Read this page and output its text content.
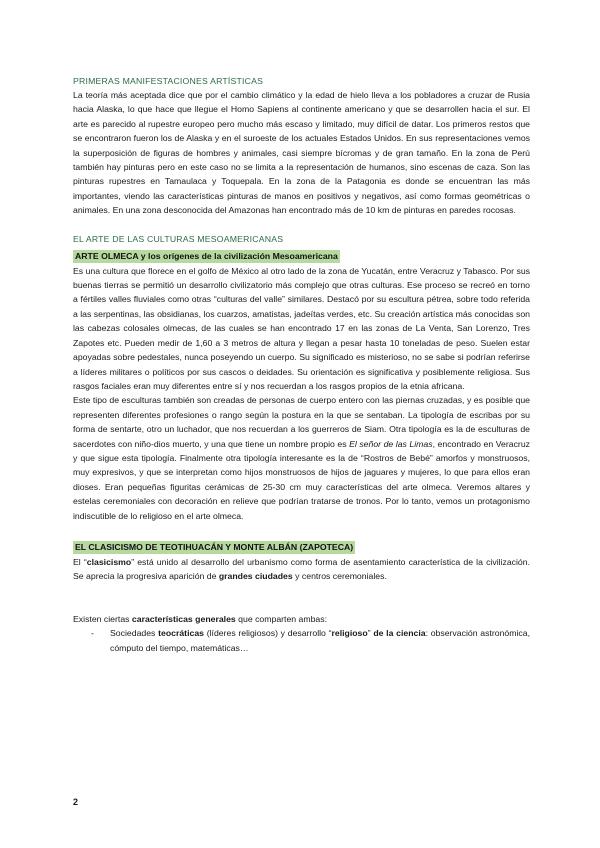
PRIMERAS MANIFESTACIONES ARTÍSTICAS

La teoría más aceptada dice que por el cambio climático y la edad de hielo lleva a los pobladores a cruzar de Rusia hacia Alaska, lo que hace que llegue el Homo Sapiens al continente americano y que se desarrollen hacia el sur. El arte es parecido al rupestre europeo pero mucho más escaso y limitado, muy difícil de datar. Los primeros restos que se encontraron fueron los de Alaska y en el suroeste de los actuales Estados Unidos. En sus representaciones vemos la superposición de figuras de hombres y animales, casi siempre bícromas y de gran tamaño. En la zona de Perú también hay pinturas pero en este caso no se limita a la representación de humanos, sino escenas de caza. Son las pinturas rupestres en Tamaulaca y Toquepala. En la zona de la Patagonia es donde se encuentran las más importantes, viendo las características pinturas de manos en positivos y negativos, así como formas geométricas o animales. En una zona desconocida del Amazonas han encontrado más de 10 km de pinturas en paredes rocosas.

EL ARTE DE LAS CULTURAS MESOAMERICANAS
ARTE OLMECA y los orígenes de la civilización Mesoamericana

Es una cultura que florece en el golfo de México al otro lado de la zona de Yucatán, entre Veracruz y Tabasco. Por sus buenas tierras se permitió un desarrollo civilizatorio más complejo que otras culturas. Ese proceso se recreó en torno a fértiles valles fluviales como otras “culturas del valle” similares. Destacó por su escultura pétrea, sobre todo referida a las serpentinas, las obsidianas, los cuarzos, amatistas, jadeítas verdes, etc. Su creación artística más conocidas son las cabezas colosales olmecas, de las cuales se han encontrado 17 en las zonas de La Venta, San Lorenzo, Tres Zapotes etc. Pueden medir de 1,60 a 3 metros de altura y llegan a pesar hasta 10 toneladas de peso. Suelen estar apoyadas sobre pedestales, nunca poseyendo un cuerpo. Su significado es misterioso, no se sabe si podrían referirse a líderes militares o políticos por sus cascos o deidades. Su orientación es significativa y posiblemente religiosa. Sus rasgos faciales eran muy diferentes entre sí y nos recuerdan a los rasgos propios de la etnia africana.

Este tipo de esculturas también son creadas de personas de cuerpo entero con las piernas cruzadas, y es posible que representen diferentes profesiones o rango según la postura en la que se sentaban. La tipología de escribas por su forma de sentarte, otro un luchador, que nos recuerdan a los guerreros de Siam. Otra tipología es la de esculturas de sacerdotes con niño-dios muerto, y una que tiene un nombre propio es El señor de las Limas, encontrado en Veracruz y que sigue esta tipología. Finalmente otra tipología interesante es la de “Rostros de Bebé” amorfos y monstruosos, muy expresivos, y que se interpretan como hijos monstruosos de hijos de jaguares y mujeres, lo que para ellos eran dioses. Eran pequeñas figuritas cerámicas de 25-30 cm muy características del arte olmeca. Veremos altares y estelas ceremoniales con decoración en relieve que podrían tratarse de tronos. Por lo tanto, vemos un protagonismo indiscutible de lo religioso en el arte olmeca.

EL CLASICISMO DE TEOTIHUACÁN Y MONTE ALBÁN (ZAPOTECA)

El “clasicismo” está unido al desarrollo del urbanismo como forma de asentamiento característica de la civilización. Se aprecia la progresiva aparición de grandes ciudades y centros ceremoniales.

Existen ciertas características generales que comparten ambas:

- Sociedades teocráticas (líderes religiosos) y desarrollo “religioso” de la ciencia: observación astronómica, cómputo del tiempo, matemáticas…
2
